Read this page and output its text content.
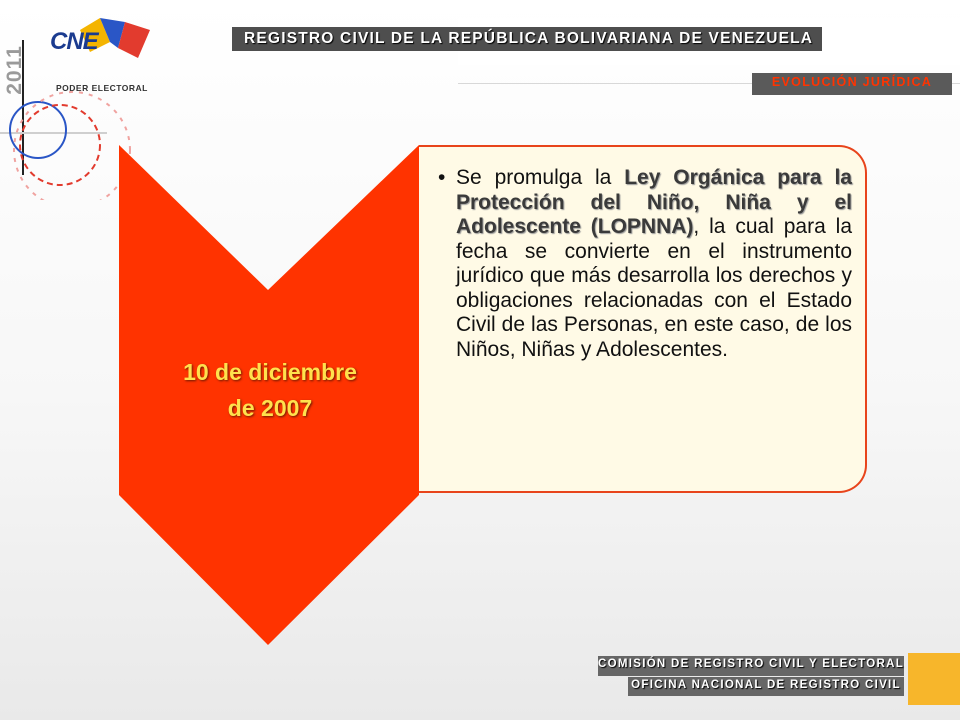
REGISTRO CIVIL DE LA REPÚBLICA BOLIVARIANA DE VENEZUELA
EVOLUCIÓN JURÍDICA
2011
CNE
PODER ELECTORAL
10 de diciembre
de 2007
• Se promulga la Ley Orgánica para la Protección del Niño, Niña y el Adolescente (LOPNNA), la cual para la fecha se convierte en el instrumento jurídico que más desarrolla los derechos y obligaciones relacionadas con el Estado Civil de las Personas, en este caso, de los Niños, Niñas y Adolescentes.
COMISIÓN DE REGISTRO CIVIL Y ELECTORAL
OFICINA NACIONAL DE REGISTRO CIVIL
